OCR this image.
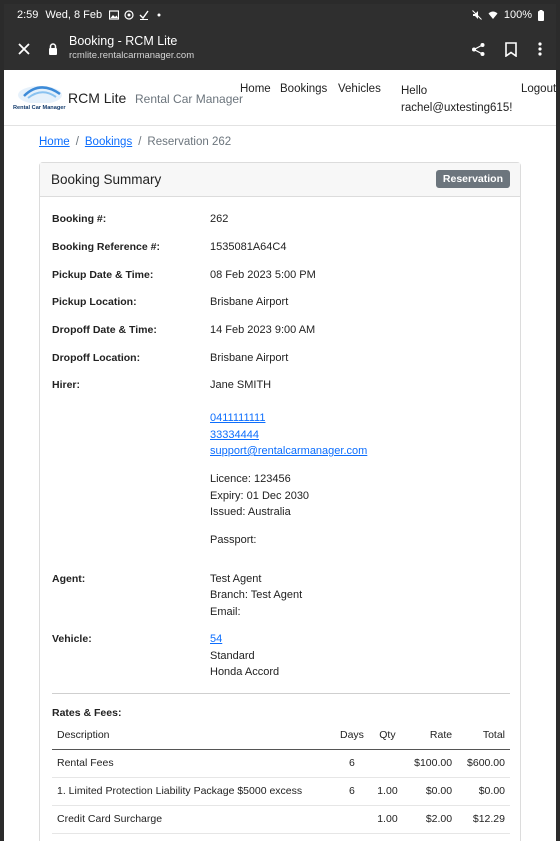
2:59 Wed, 8 Feb	100%
Booking - RCM Lite
rcmlite.rentalcarmanager.com
Rental Car Manager
RCM Lite Rental Car Manager
Home Bookings Vehicles Hello
rachel@uxtesting615!
Logout
Home / Bookings / Reservation 262
Booking Summary	Reservation
Booking #:	262
Booking Reference #:	1535081A64C4
Pickup Date & Time:	08 Feb 2023 5:00 PM
Pickup Location:	Brisbane Airport
Dropoff Date & Time:	14 Feb 2023 9:00 AM
Dropoff Location:	Brisbane Airport
Hirer:	Jane SMITH
0411111111
33334444
support@rentalcarmanager.com
Licence: 123456
Expiry: 01 Dec 2030
Issued: Australia
Passport:
Agent:	Test Agent
Branch: Test Agent
Email:
Vehicle:	54
Standard
Honda Accord
Rates & Fees:
Description	Days	Qty	Rate	Total
Rental Fees	6		$100.00	$600.00
1. Limited Protection Liability Package $5000 excess	6	1.00	$0.00	$0.00
Credit Card Surcharge		1.00	$2.00	$12.29
